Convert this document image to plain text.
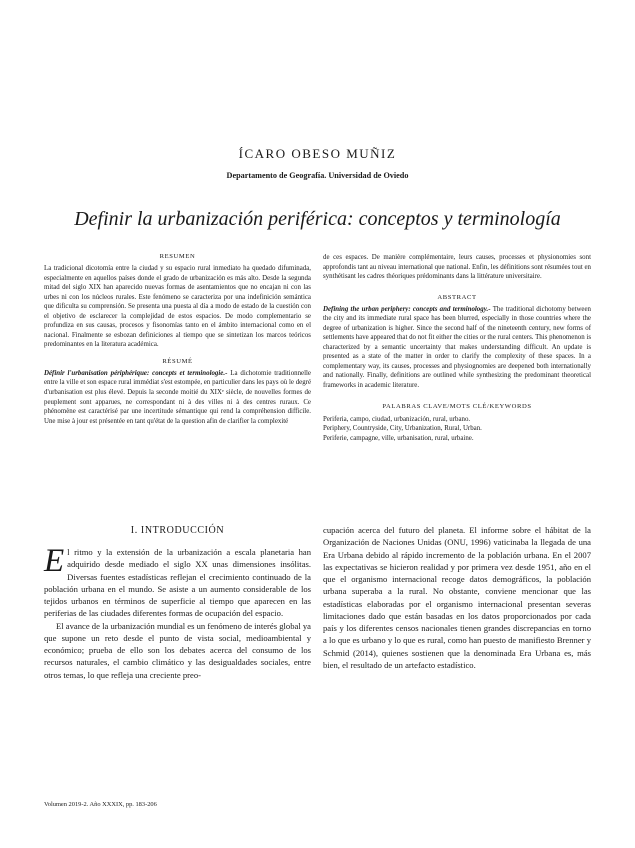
ÍCARO OBESO MUÑIZ
Departamento de Geografía. Universidad de Oviedo
Definir la urbanización periférica: conceptos y terminología
RESUMEN

La tradicional dicotomía entre la ciudad y su espacio rural inmediato ha quedado difuminada, especialmente en aquellos países donde el grado de urbanización es más alto. Desde la segunda mitad del siglo XIX han aparecido nuevas formas de asentamientos que no encajan ni con las urbes ni con los núcleos rurales. Este fenómeno se caracteriza por una indefinición semántica que dificulta su comprensión. Se presenta una puesta al día a modo de estado de la cuestión con el objetivo de esclarecer la complejidad de estos espacios. De modo complementario se profundiza en sus causas, procesos y fisonomías tanto en el ámbito internacional como en el nacional. Finalmente se esbozan definiciones al tiempo que se sintetizan los marcos teóricos predominantes en la literatura académica.

RÉSUMÉ

Définir l'urbanisation périphérique: concepts et terminologie.- La dichotomie traditionnelle entre la ville et son espace rural immédiat s'est estompée, en particulier dans les pays où le degré d'urbanisation est plus élevé. Depuis la seconde moitié du XIXᵉ siècle, de nouvelles formes de peuplement sont apparues, ne correspondant ni à des villes ni à des centres ruraux. Ce phénomène est caractérisé par une incertitude sémantique qui rend la compréhension difficile. Une mise à jour est présentée en tant qu'état de la question afin de clarifier la complexité

de ces espaces. De manière complémentaire, leurs causes, processes et physionomies sont approfondis tant au niveau international que national. Enfin, les définitions sont résumées tout en synthétisant les cadres théoriques prédominants dans la littérature universitaire.

ABSTRACT

Defining the urban periphery: concepts and terminology.- The traditional dichotomy between the city and its immediate rural space has been blurred, especially in those countries where the degree of urbanization is higher. Since the second half of the nineteenth century, new forms of settlements have appeared that do not fit either the cities or the rural centers. This phenomenon is characterized by a semantic uncertainty that makes understanding difficult. An update is presented as a state of the matter in order to clarify the complexity of these spaces. In a complementary way, its causes, processes and physiognomies are deepened both internationally and nationally. Finally, definitions are outlined while synthesizing the predominant theoretical frameworks in academic literature.

PALABRAS CLAVE/MOTS CLÉ/KEYWORDS
Periferia, campo, ciudad, urbanización, rural, urbano.
Periphery, Countryside, City, Urbanization, Rural, Urban.
Periferie, campagne, ville, urbanisation, rural, urbaine.
I. INTRODUCCIÓN

El ritmo y la extensión de la urbanización a escala planetaria han adquirido desde mediado el siglo XX unas dimensiones insólitas. Diversas fuentes estadísticas reflejan el crecimiento continuado de la población urbana en el mundo. Se asiste a un aumento considerable de los tejidos urbanos en términos de superficie al tiempo que aparecen en las periferias de las ciudades diferentes formas de ocupación del espacio.

El avance de la urbanización mundial es un fenómeno de interés global ya que supone un reto desde el punto de vista social, medioambiental y económico; prueba de ello son los debates acerca del consumo de los recursos naturales, el cambio climático y las desigualdades sociales, entre otros temas, lo que refleja una creciente preo-

cupación acerca del futuro del planeta. El informe sobre el hábitat de la Organización de Naciones Unidas (ONU, 1996) vaticinaba la llegada de una Era Urbana debido al rápido incremento de la población urbana. En el 2007 las expectativas se hicieron realidad y por primera vez desde 1951, año en el que el organismo internacional recoge datos demográficos, la población urbana superaba a la rural. No obstante, conviene mencionar que las estadísticas elaboradas por el organismo internacional presentan severas limitaciones dado que están basadas en los datos proporcionados por cada país y los diferentes censos nacionales tienen grandes discrepancias en torno a lo que es urbano y lo que es rural, como han puesto de manifiesto Brenner y Schmid (2014), quienes sostienen que la denominada Era Urbana es, más bien, el resultado de un artefacto estadístico.

Volumen 2019-2. Año XXXIX, pp. 183-206
